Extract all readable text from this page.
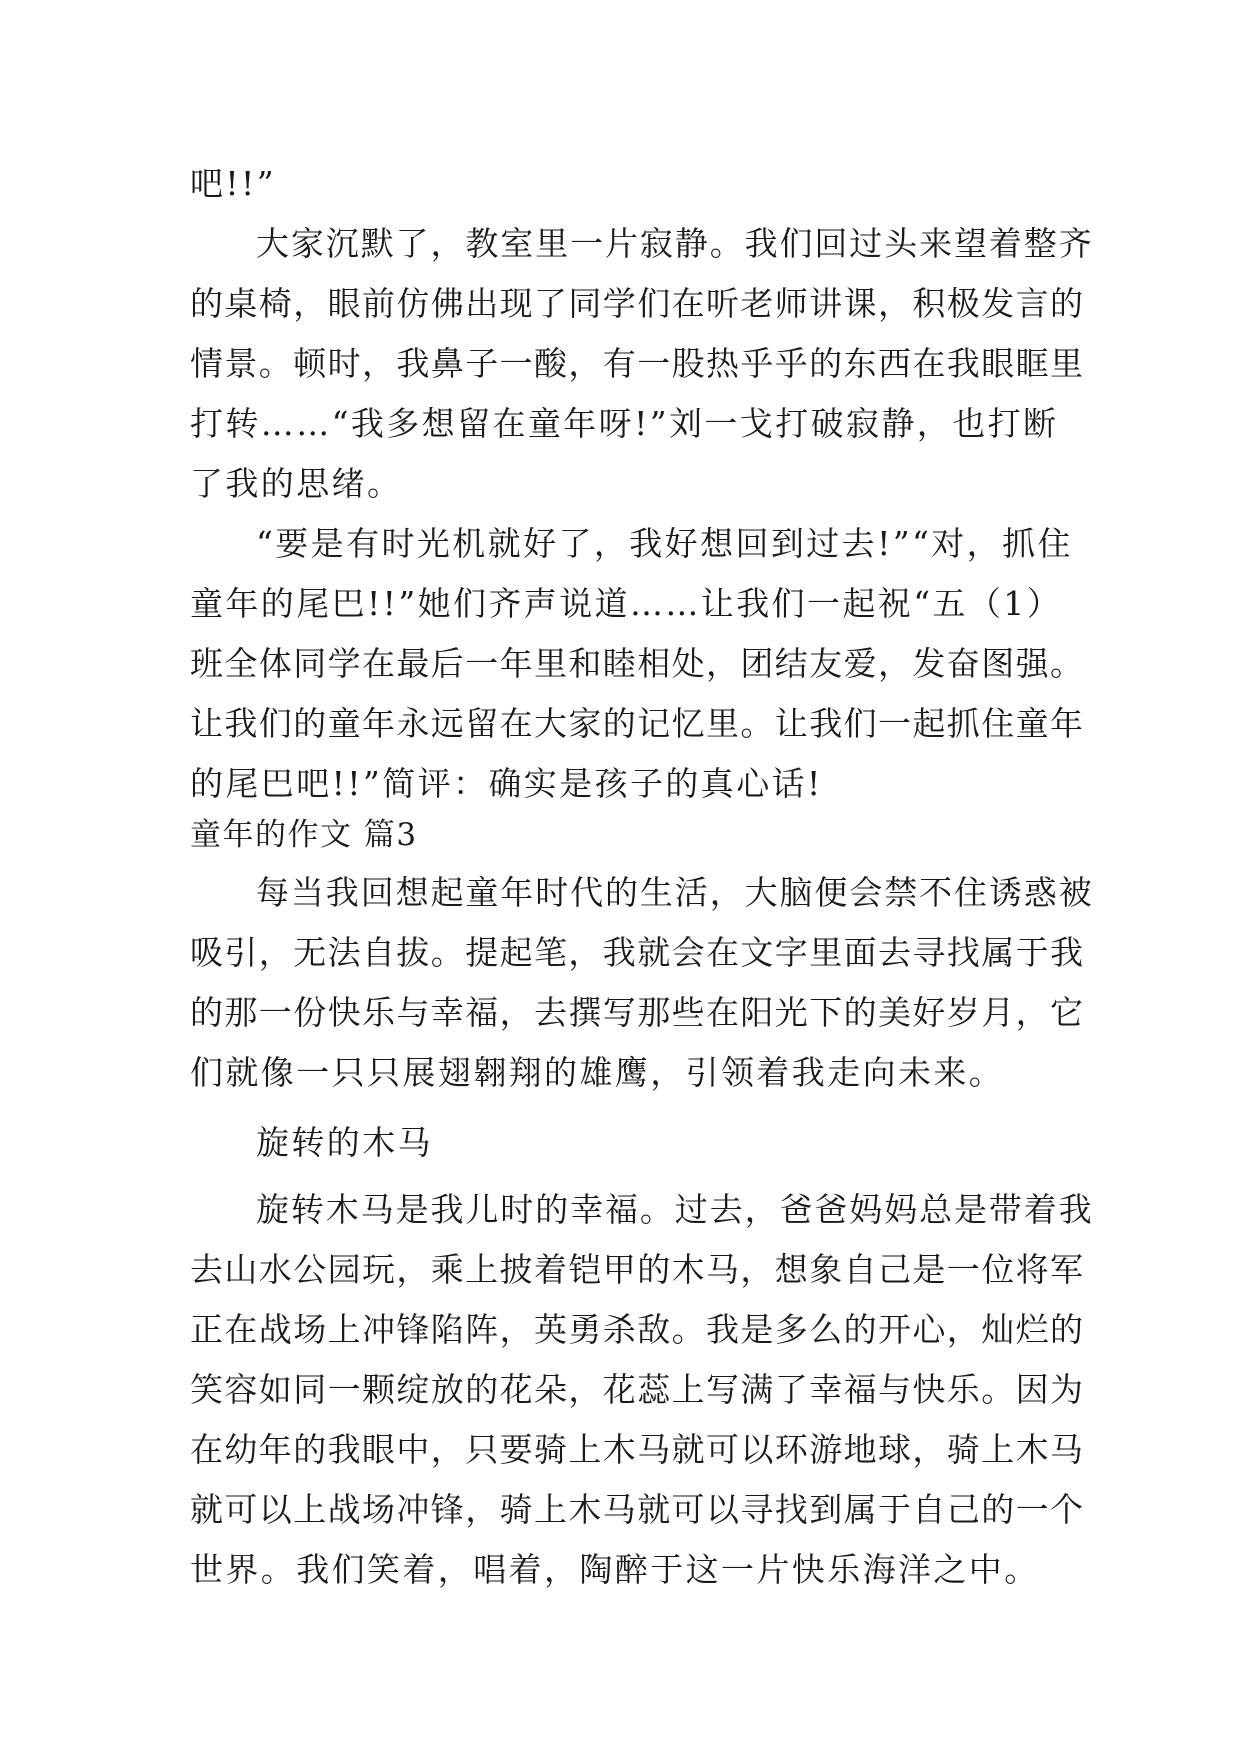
吧!!”

大家沉默了，教室里一片寂静。我们回过头来望着整齐

的桌椅，眼前仿佛出现了同学们在听老师讲课，积极发言的

情景。顿时，我鼻子一酸，有一股热乎乎的东西在我眼眶里

打转……“我多想留在童年呀!”刘一戈打破寂静，也打断

了我的思绪。

“要是有时光机就好了，我好想回到过去!”“对，抓住

童年的尾巴!!”她们齐声说道……让我们一起祝“五（1）

班全体同学在最后一年里和睦相处，团结友爱，发奋图强。

让我们的童年永远留在大家的记忆里。让我们一起抓住童年

的尾巴吧!!”简评：确实是孩子的真心话!

童年的作文 篇3

每当我回想起童年时代的生活，大脑便会禁不住诱惑被

吸引，无法自拔。提起笔，我就会在文字里面去寻找属于我

的那一份快乐与幸福，去撰写那些在阳光下的美好岁月，它

们就像一只只展翅翱翔的雄鹰，引领着我走向未来。

旋转的木马

旋转木马是我儿时的幸福。过去，爸爸妈妈总是带着我

去山水公园玩，乘上披着铠甲的木马，想象自己是一位将军

正在战场上冲锋陷阵，英勇杀敌。我是多么的开心，灿烂的

笑容如同一颗绽放的花朵，花蕊上写满了幸福与快乐。因为

在幼年的我眼中，只要骑上木马就可以环游地球，骑上木马

就可以上战场冲锋，骑上木马就可以寻找到属于自己的一个

世界。我们笑着，唱着，陶醉于这一片快乐海洋之中。
